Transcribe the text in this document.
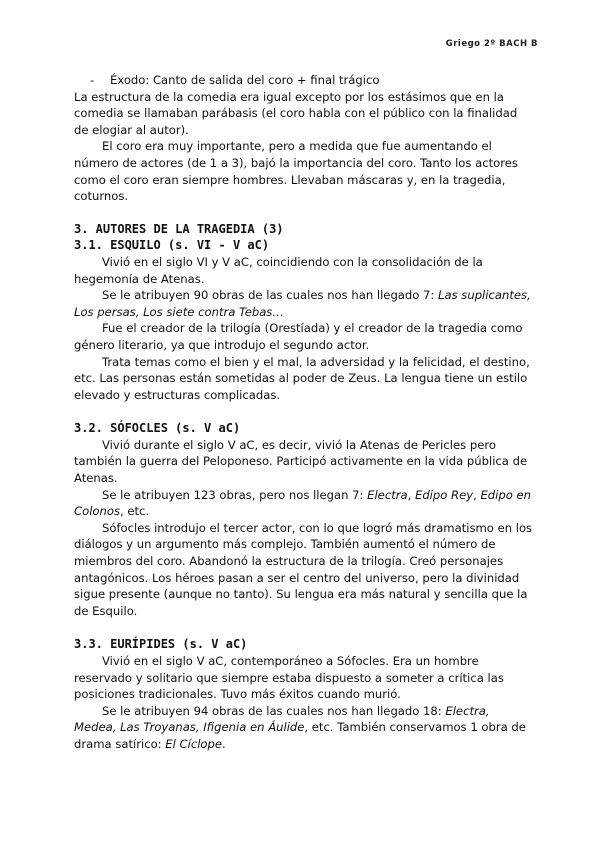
Griego 2º BACH B

- Éxodo: Canto de salida del coro + final trágico

La estructura de la comedia era igual excepto por los estásimos que en la comedia se llamaban parábasis (el coro habla con el público con la finalidad de elogiar al autor).

El coro era muy importante, pero a medida que fue aumentando el número de actores (de 1 a 3), bajó la importancia del coro. Tanto los actores como el coro eran siempre hombres. Llevaban máscaras y, en la tragedia, coturnos.

3. AUTORES DE LA TRAGEDIA (3)

3.1. ESQUILO (s. VI - V aC)

Vivió en el siglo VI y V aC, coincidiendo con la consolidación de la hegemonía de Atenas.

Se le atribuyen 90 obras de las cuales nos han llegado 7: Las suplicantes, Los persas, Los siete contra Tebas…

Fue el creador de la trilogía (Orestíada) y el creador de la tragedia como género literario, ya que introdujo el segundo actor.

Trata temas como el bien y el mal, la adversidad y la felicidad, el destino, etc. Las personas están sometidas al poder de Zeus. La lengua tiene un estilo elevado y estructuras complicadas.

3.2. SÓFOCLES (s. V aC)

Vivió durante el siglo V aC, es decir, vivió la Atenas de Pericles pero también la guerra del Peloponeso. Participó activamente en la vida pública de Atenas.

Se le atribuyen 123 obras, pero nos llegan 7: Electra, Edipo Rey, Edipo en Colonos, etc.

Sófocles introdujo el tercer actor, con lo que logró más dramatismo en los diálogos y un argumento más complejo. También aumentó el número de miembros del coro. Abandonó la estructura de la trilogía. Creó personajes antagónicos. Los héroes pasan a ser el centro del universo, pero la divinidad sigue presente (aunque no tanto). Su lengua era más natural y sencilla que la de Esquilo.

3.3. EURÍPIDES (s. V aC)

Vivió en el siglo V aC, contemporáneo a Sófocles. Era un hombre reservado y solitario que siempre estaba dispuesto a someter a crítica las posiciones tradicionales. Tuvo más éxitos cuando murió.

Se le atribuyen 94 obras de las cuales nos han llegado 18: Electra, Medea, Las Troyanas, Ifigenia en Áulide, etc. También conservamos 1 obra de drama satírico: El Cíclope.
